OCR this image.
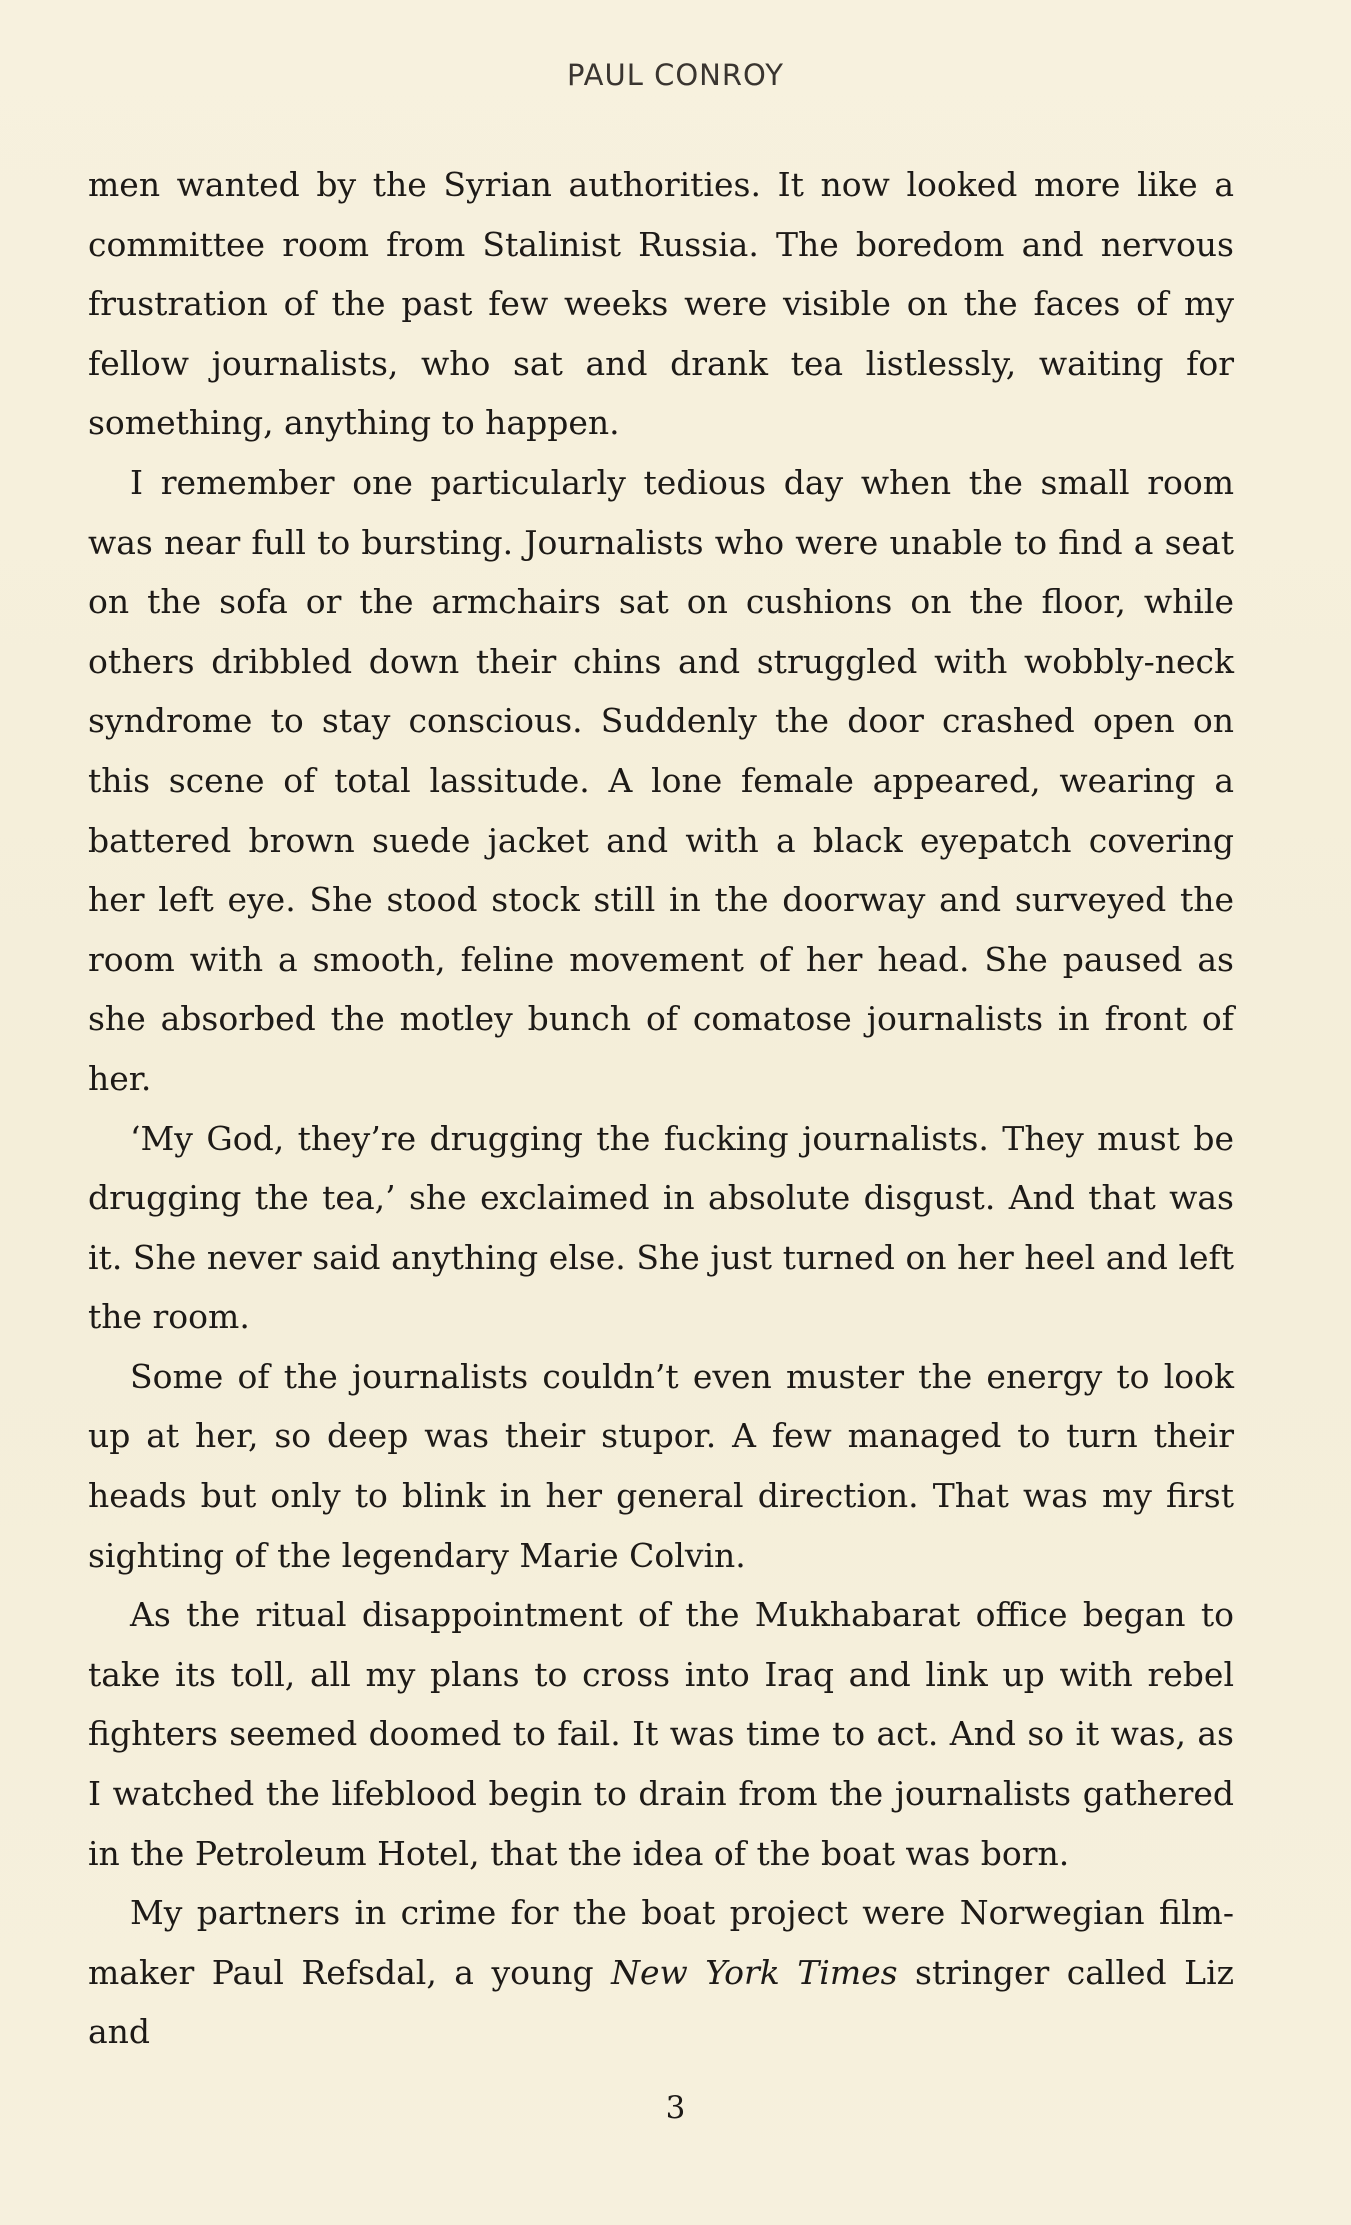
PAUL CONROY

men wanted by the Syrian authorities. It now looked more like a committee room from Stalinist Russia. The boredom and nervous frustration of the past few weeks were visible on the faces of my fellow journalists, who sat and drank tea listlessly, waiting for something, anything to happen.

I remember one particularly tedious day when the small room was near full to bursting. Journalists who were unable to find a seat on the sofa or the armchairs sat on cushions on the floor, while others dribbled down their chins and struggled with wobbly-neck syndrome to stay conscious. Suddenly the door crashed open on this scene of total lassitude. A lone female appeared, wearing a battered brown suede jacket and with a black eyepatch covering her left eye. She stood stock still in the doorway and surveyed the room with a smooth, feline movement of her head. She paused as she absorbed the motley bunch of comatose journalists in front of her.

‘My God, they’re drugging the fucking journalists. They must be drugging the tea,’ she exclaimed in absolute disgust. And that was it. She never said anything else. She just turned on her heel and left the room.

Some of the journalists couldn’t even muster the energy to look up at her, so deep was their stupor. A few managed to turn their heads but only to blink in her general direction. That was my first sighting of the legendary Marie Colvin.

As the ritual disappointment of the Mukhabarat office began to take its toll, all my plans to cross into Iraq and link up with rebel fighters seemed doomed to fail. It was time to act. And so it was, as I watched the lifeblood begin to drain from the journalists gathered in the Petroleum Hotel, that the idea of the boat was born.

My partners in crime for the boat project were Norwegian filmmaker Paul Refsdal, a young New York Times stringer called Liz and

3
